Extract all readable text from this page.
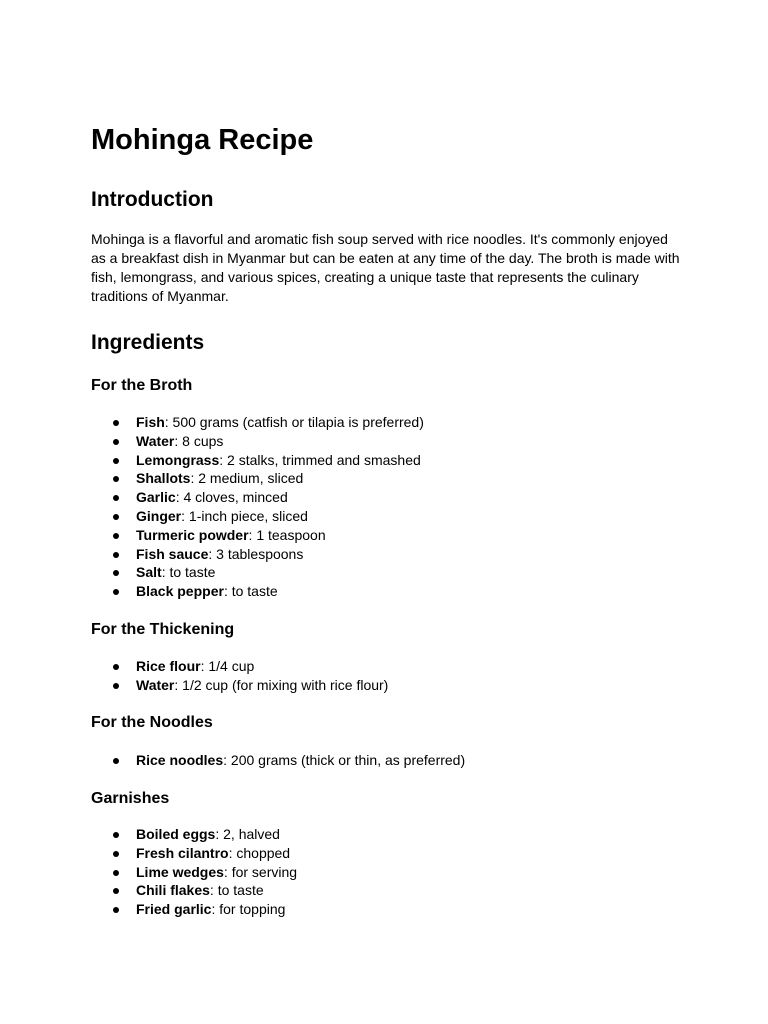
Mohinga Recipe
Introduction

Mohinga is a flavorful and aromatic fish soup served with rice noodles. It's commonly enjoyed as a breakfast dish in Myanmar but can be eaten at any time of the day. The broth is made with fish, lemongrass, and various spices, creating a unique taste that represents the culinary traditions of Myanmar.

Ingredients
For the Broth
Fish: 500 grams (catfish or tilapia is preferred)
Water: 8 cups
Lemongrass: 2 stalks, trimmed and smashed
Shallots: 2 medium, sliced
Garlic: 4 cloves, minced
Ginger: 1-inch piece, sliced
Turmeric powder: 1 teaspoon
Fish sauce: 3 tablespoons
Salt: to taste
Black pepper: to taste
For the Thickening
Rice flour: 1/4 cup
Water: 1/2 cup (for mixing with rice flour)
For the Noodles
Rice noodles: 200 grams (thick or thin, as preferred)
Garnishes
Boiled eggs: 2, halved
Fresh cilantro: chopped
Lime wedges: for serving
Chili flakes: to taste
Fried garlic: for topping
